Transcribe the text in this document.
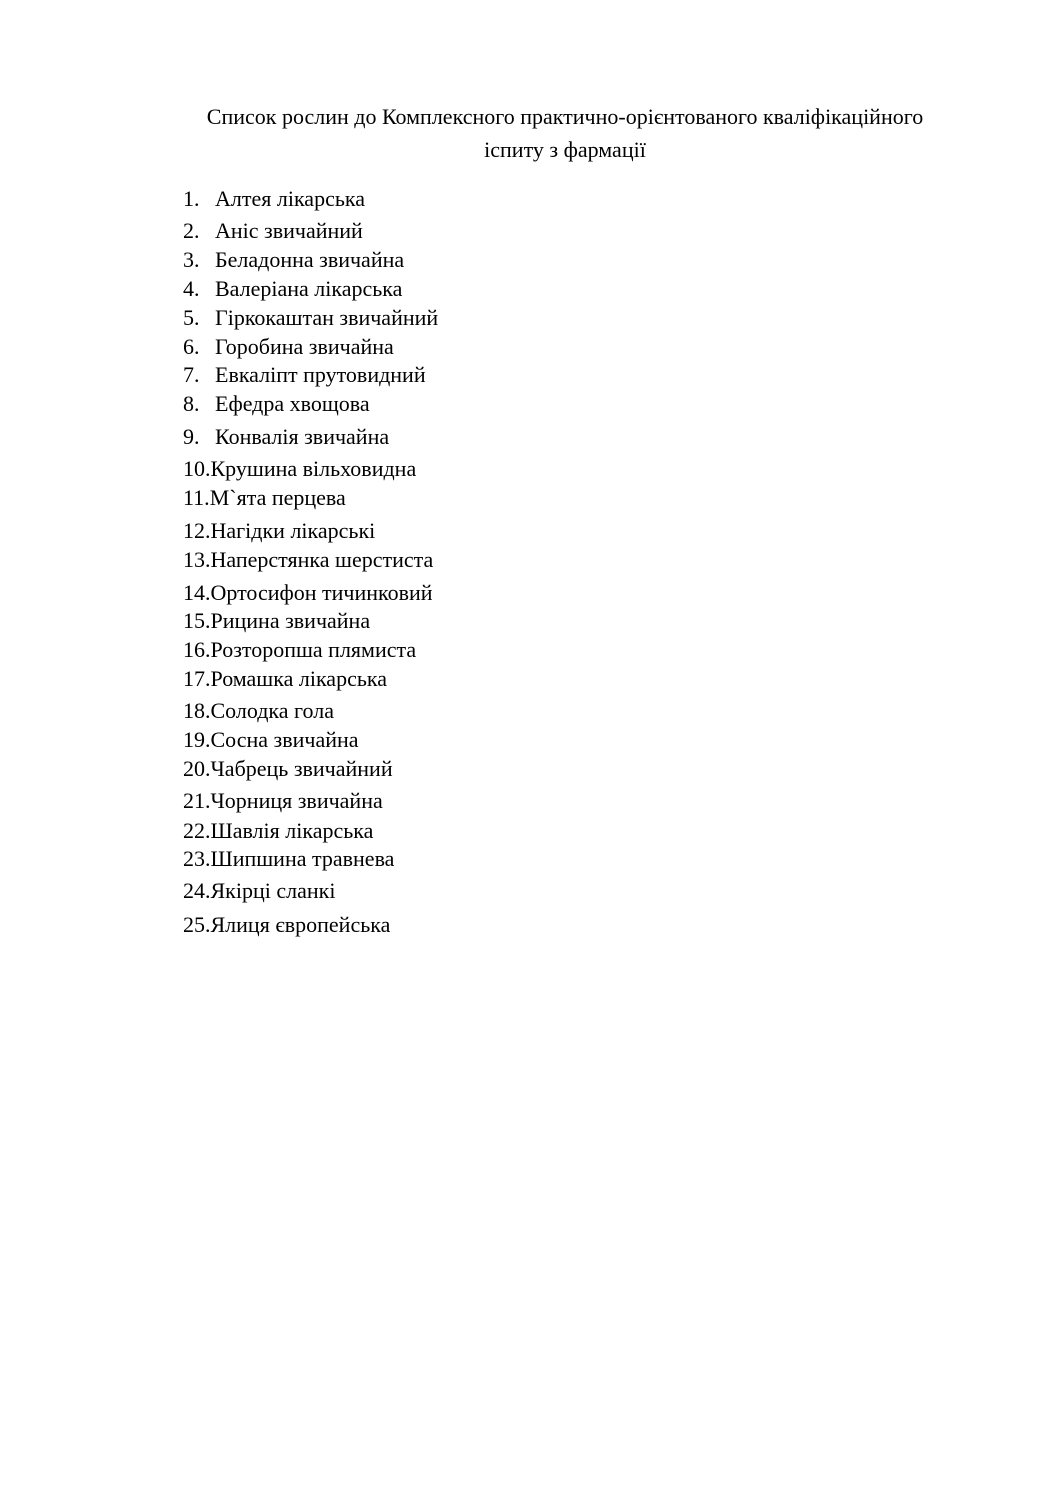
Список рослин до Комплексного практично-орієнтованого кваліфікаційного
іспиту з фармації
1. Алтея лікарська
2. Аніс звичайний
3. Беладонна звичайна
4. Валеріана лікарська
5. Гіркокаштан звичайний
6. Горобина звичайна
7. Евкаліпт прутовидний
8. Ефедра хвощова
9. Конвалія звичайна
10.Крушина вільховидна
11.М`ята перцева
12.Нагідки лікарські
13.Наперстянка шерстиста
14.Ортосифон тичинковий
15.Рицина звичайна
16.Розторопша плямиста
17.Ромашка лікарська
18.Солодка гола
19.Сосна звичайна
20.Чабрець звичайний
21.Чорниця звичайна
22.Шавлія лікарська
23.Шипшина травнева
24.Якірці сланкі
25.Ялиця європейська
